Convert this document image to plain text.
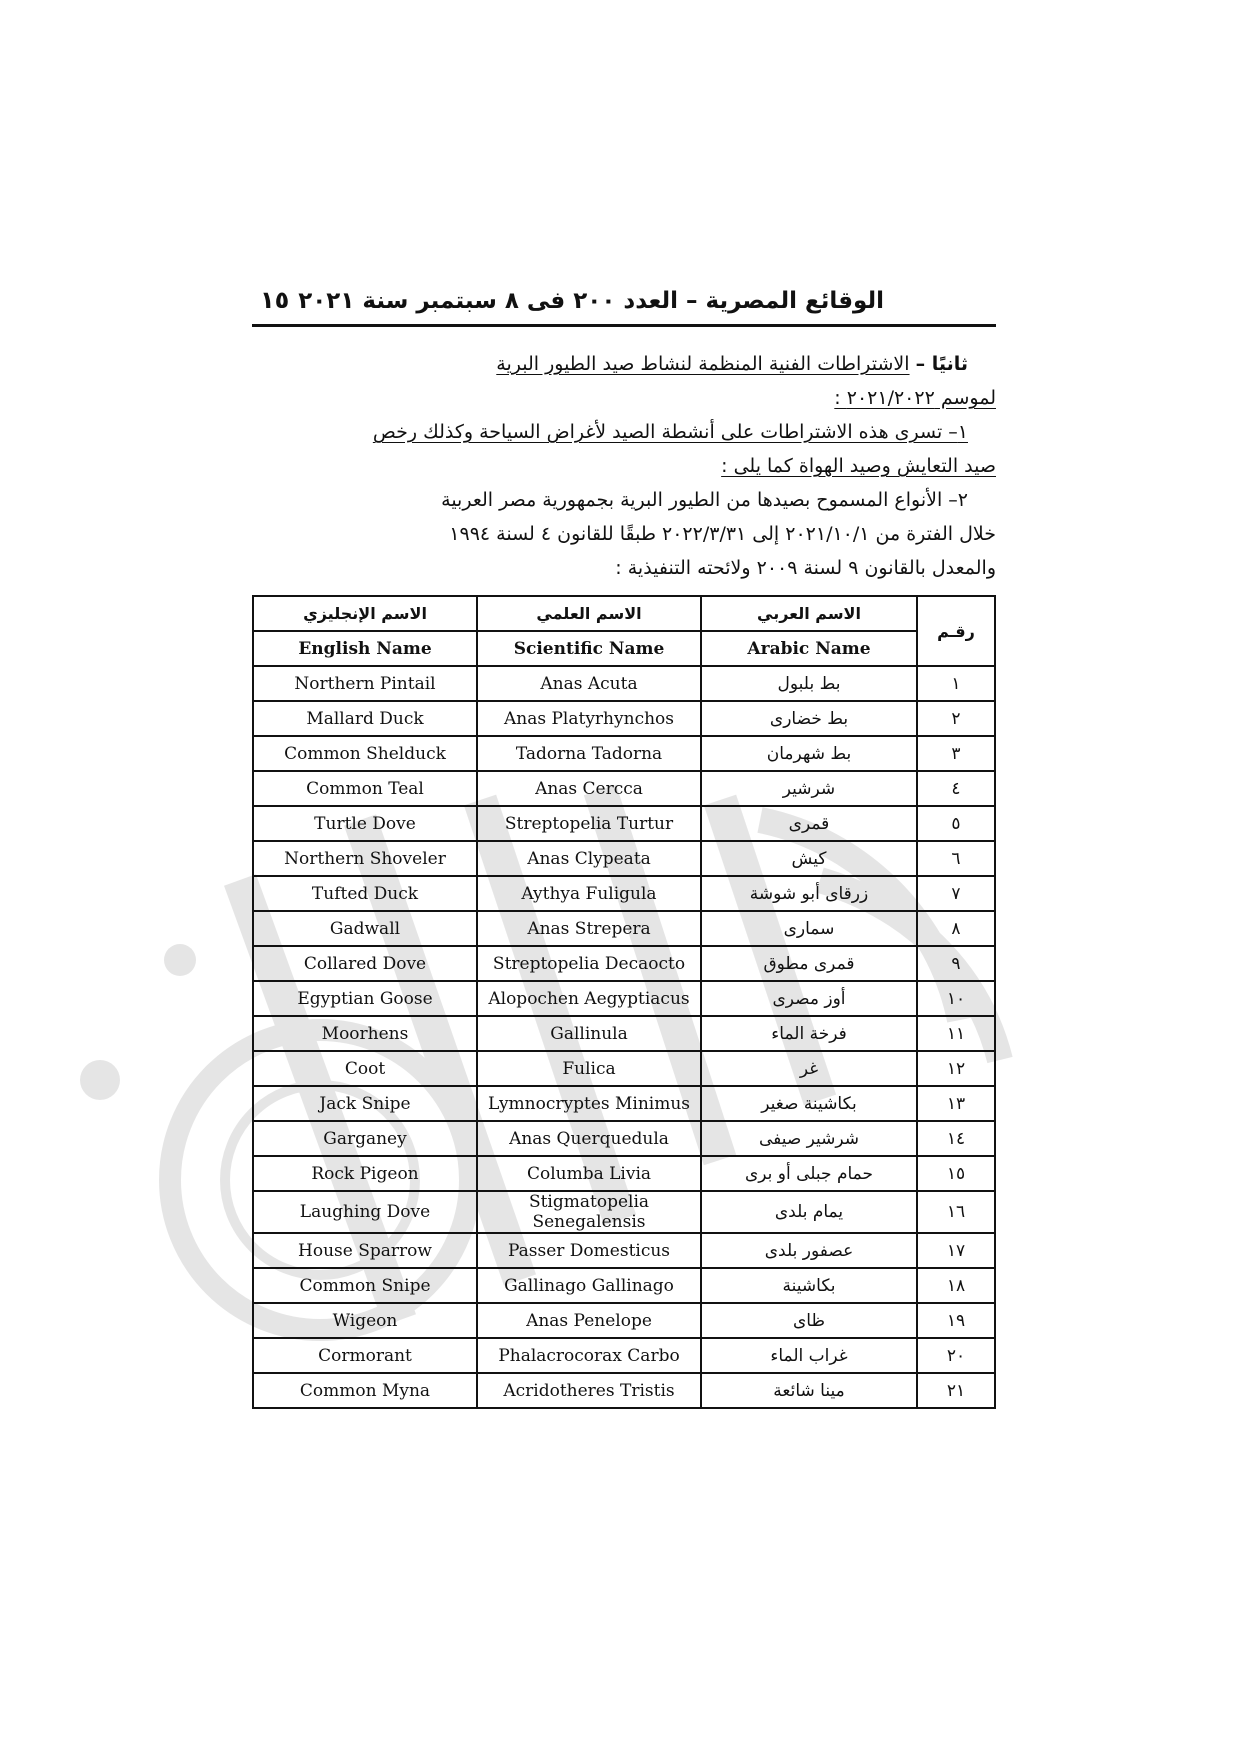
الوقائع المصرية – العدد ٢٠٠ فى ٨ سبتمبر سنة ٢٠٢١
١٥
ثانيًا – الاشتراطات الفنية المنظمة لنشاط صيد الطيور البرية
لموسم ٢٠٢١/٢٠٢٢ :
١– تسرى هذه الاشتراطات على أنشطة الصيد لأغراض السياحة وكذلك رخص
صيد التعايش وصيد الهواة كما يلى :
٢– الأنواع المسموح بصيدها من الطيور البرية بجمهورية مصر العربية
خلال الفترة من ٢٠٢١/١٠/١ إلى ٢٠٢٢/٣/٣١ طبقًا للقانون ٤ لسنة ١٩٩٤
والمعدل بالقانون ٩ لسنة ٢٠٠٩ ولائحته التنفيذية :
رقـم	الاسم العربي	الاسم العلمي	الاسم الإنجليزي
	Arabic Name	Scientific Name	English Name
١	بط بلبول	Anas Acuta	Northern Pintail
٢	بط خضارى	Anas Platyrhynchos	Mallard Duck
٣	بط شهرمان	Tadorna Tadorna	Common Shelduck
٤	شرشير	Anas Cercca	Common Teal
٥	قمرى	Streptopelia Turtur	Turtle Dove
٦	كيش	Anas Clypeata	Northern Shoveler
٧	زرقاى أبو شوشة	Aythya Fuligula	Tufted Duck
٨	سمارى	Anas Strepera	Gadwall
٩	قمرى مطوق	Streptopelia Decaocto	Collared Dove
١٠	أوز مصرى	Alopochen Aegyptiacus	Egyptian Goose
١١	فرخة الماء	Gallinula	Moorhens
١٢	غر	Fulica	Coot
١٣	بكاشينة صغير	Lymnocryptes Minimus	Jack Snipe
١٤	شرشير صيفى	Anas Querquedula	Garganey
١٥	حمام جبلى أو برى	Columba Livia	Rock Pigeon
١٦	يمام بلدى	Stigmatopelia Senegalensis	Laughing Dove
١٧	عصفور بلدى	Passer Domesticus	House Sparrow
١٨	بكاشينة	Gallinago Gallinago	Common Snipe
١٩	ظاى	Anas Penelope	Wigeon
٢٠	غراب الماء	Phalacrocorax Carbo	Cormorant
٢١	مينا شائعة	Acridotheres Tristis	Common Myna
